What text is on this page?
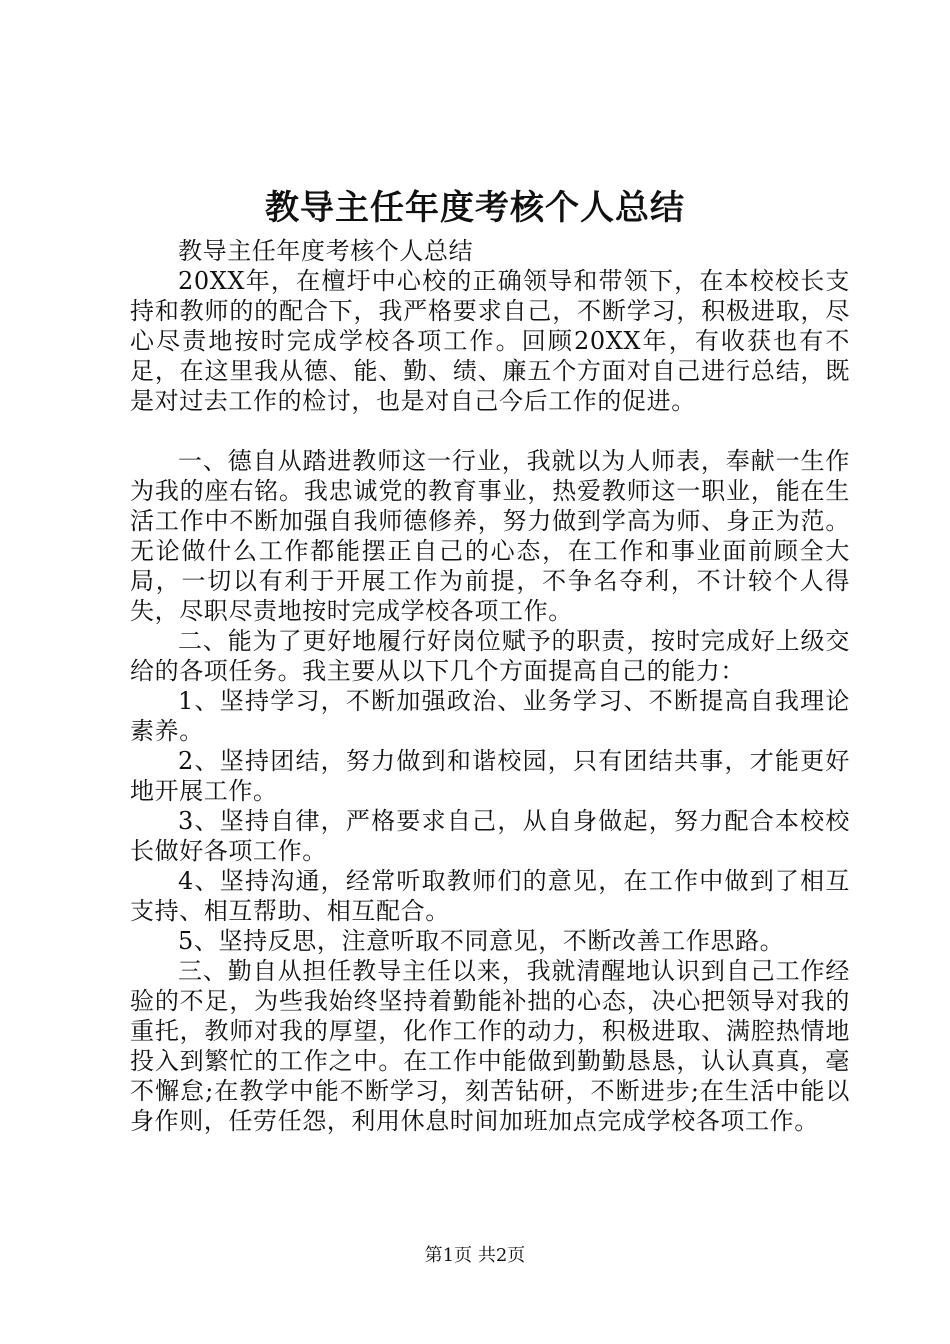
教导主任年度考核个人总结

教导主任年度考核个人总结

20XX年，在檀圩中心校的正确领导和带领下，在本校校长支持和教师的的配合下，我严格要求自己，不断学习，积极进取，尽心尽责地按时完成学校各项工作。回顾20XX年，有收获也有不足，在这里我从德、能、勤、绩、廉五个方面对自己进行总结，既是对过去工作的检讨，也是对自己今后工作的促进。

一、德自从踏进教师这一行业，我就以为人师表，奉献一生作为我的座右铭。我忠诚党的教育事业，热爱教师这一职业，能在生活工作中不断加强自我师德修养，努力做到学高为师、身正为范。无论做什么工作都能摆正自己的心态，在工作和事业面前顾全大局，一切以有利于开展工作为前提，不争名夺利，不计较个人得失，尽职尽责地按时完成学校各项工作。

二、能为了更好地履行好岗位赋予的职责，按时完成好上级交给的各项任务。我主要从以下几个方面提高自己的能力：

1、坚持学习，不断加强政治、业务学习、不断提高自我理论素养。

2、坚持团结，努力做到和谐校园，只有团结共事，才能更好地开展工作。

3、坚持自律，严格要求自己，从自身做起，努力配合本校校长做好各项工作。

4、坚持沟通，经常听取教师们的意见，在工作中做到了相互支持、相互帮助、相互配合。

5、坚持反思，注意听取不同意见，不断改善工作思路。

三、勤自从担任教导主任以来，我就清醒地认识到自己工作经验的不足，为些我始终坚持着勤能补拙的心态，决心把领导对我的重托，教师对我的厚望，化作工作的动力，积极进取、满腔热情地投入到繁忙的工作之中。在工作中能做到勤勤恳恳，认认真真，毫不懈怠;在教学中能不断学习，刻苦钻研，不断进步;在生活中能以身作则，任劳任怨，利用休息时间加班加点完成学校各项工作。

第1页 共2页
